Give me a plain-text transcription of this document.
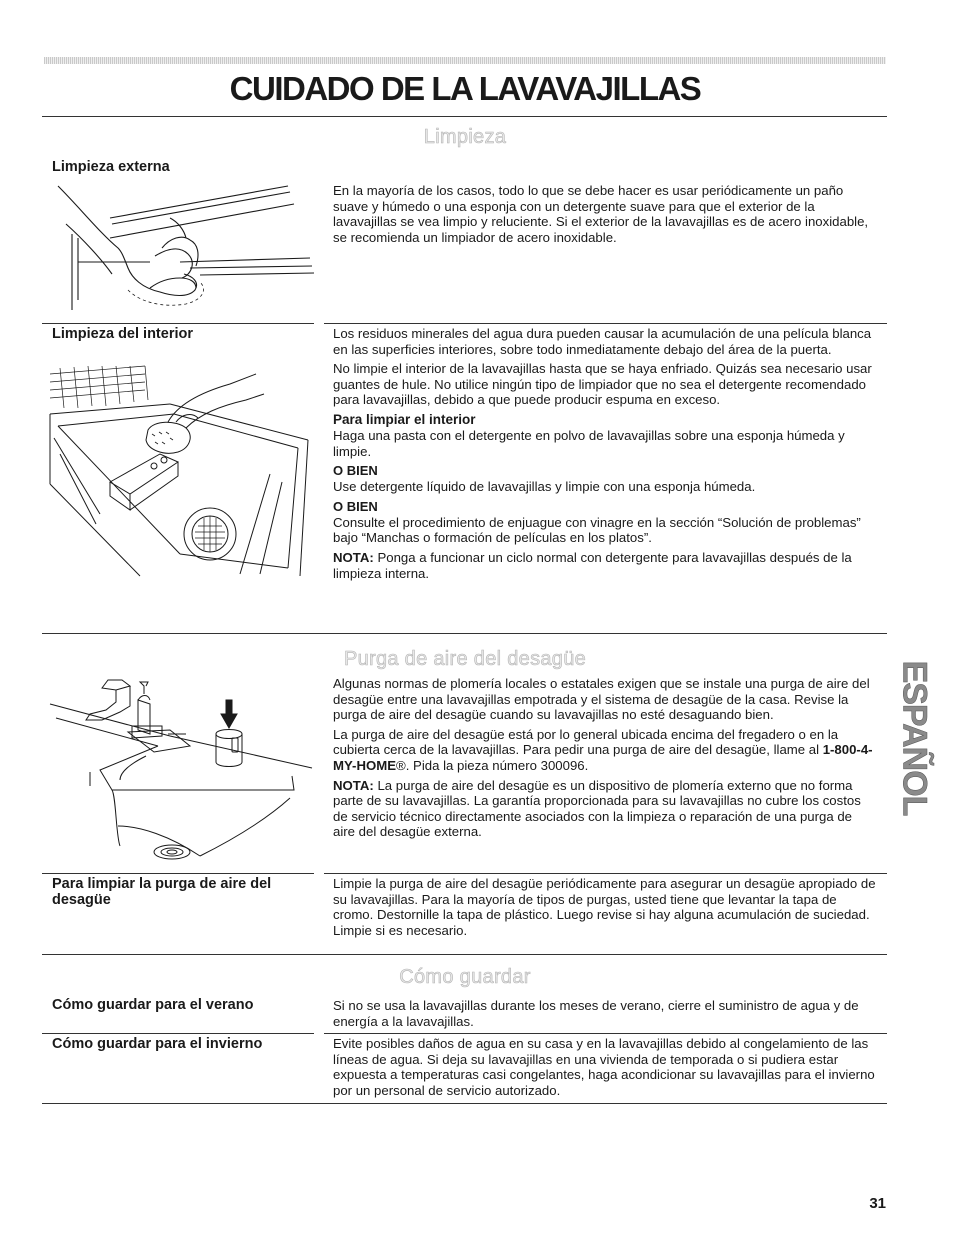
CUIDADO DE LA LAVAVAJILLAS
Limpieza
Limpieza externa

En la mayoría de los casos, todo lo que se debe hacer es usar periódicamente un paño suave y húmedo o una esponja con un detergente suave para que el exterior de la lavavajillas se vea limpio y reluciente. Si el exterior de la lavavajillas es de acero inoxidable, se recomienda un limpiador de acero inoxidable.

Limpieza del interior	Los residuos minerales del agua dura pueden causar la acumulación de una película blanca en las superficies interiores, sobre todo inmediatamente debajo del área de la puerta.

No limpie el interior de la lavavajillas hasta que se haya enfriado. Quizás sea necesario usar guantes de hule. No utilice ningún tipo de limpiador que no sea el detergente recomendado para lavavajillas, debido a que puede producir espuma en exceso.

Para limpiar el interior

Haga una pasta con el detergente en polvo de lavavajillas sobre una esponja húmeda y limpie.

O BIEN

Use detergente líquido de lavavajillas y limpie con una esponja húmeda.

O BIEN

Consulte el procedimiento de enjuague con vinagre en la sección “Solución de problemas” bajo “Manchas o formación de películas en los platos”.

NOTA: Ponga a funcionar un ciclo normal con detergente para lavavajillas después de la limpieza interna.

Purga de aire del desagüe

Algunas normas de plomería locales o estatales exigen que se instale una purga de aire del desagüe entre una lavavajillas empotrada y el sistema de desagüe de la casa. Revise la purga de aire del desagüe cuando su lavavajillas no esté desaguando bien.

La purga de aire del desagüe está por lo general ubicada encima del fregadero o en la cubierta cerca de la lavavajillas. Para pedir una purga de aire del desagüe, llame al 1-800-4-MY-HOME®. Pida la pieza número 300096.

NOTA: La purga de aire del desagüe es un dispositivo de plomería externo que no forma parte de su lavavajillas. La garantía proporcionada para su lavavajillas no cubre los costos de servicio técnico directamente asociados con la limpieza o reparación de una purga de aire del desagüe externa.

Para limpiar la purga de aire del desagüe

Limpie la purga de aire del desagüe periódicamente para asegurar un desagüe apropiado de su lavavajillas. Para la mayoría de tipos de purgas, usted tiene que levantar la tapa de cromo. Destornille la tapa de plástico. Luego revise si hay alguna acumulación de suciedad. Limpie si es necesario.

Cómo guardar
Cómo guardar para el verano	Si no se usa la lavavajillas durante los meses de verano, cierre el suministro de agua y de energía a la lavavajillas.

Cómo guardar para el invierno	Evite posibles daños de agua en su casa y en la lavavajillas debido al congelamiento de las líneas de agua. Si deja su lavavajillas en una vivienda de temporada o si pudiera estar expuesta a temperaturas casi congelantes, haga acondicionar su lavavajillas para el invierno por un personal de servicio autorizado.

ESPAÑOL
31
